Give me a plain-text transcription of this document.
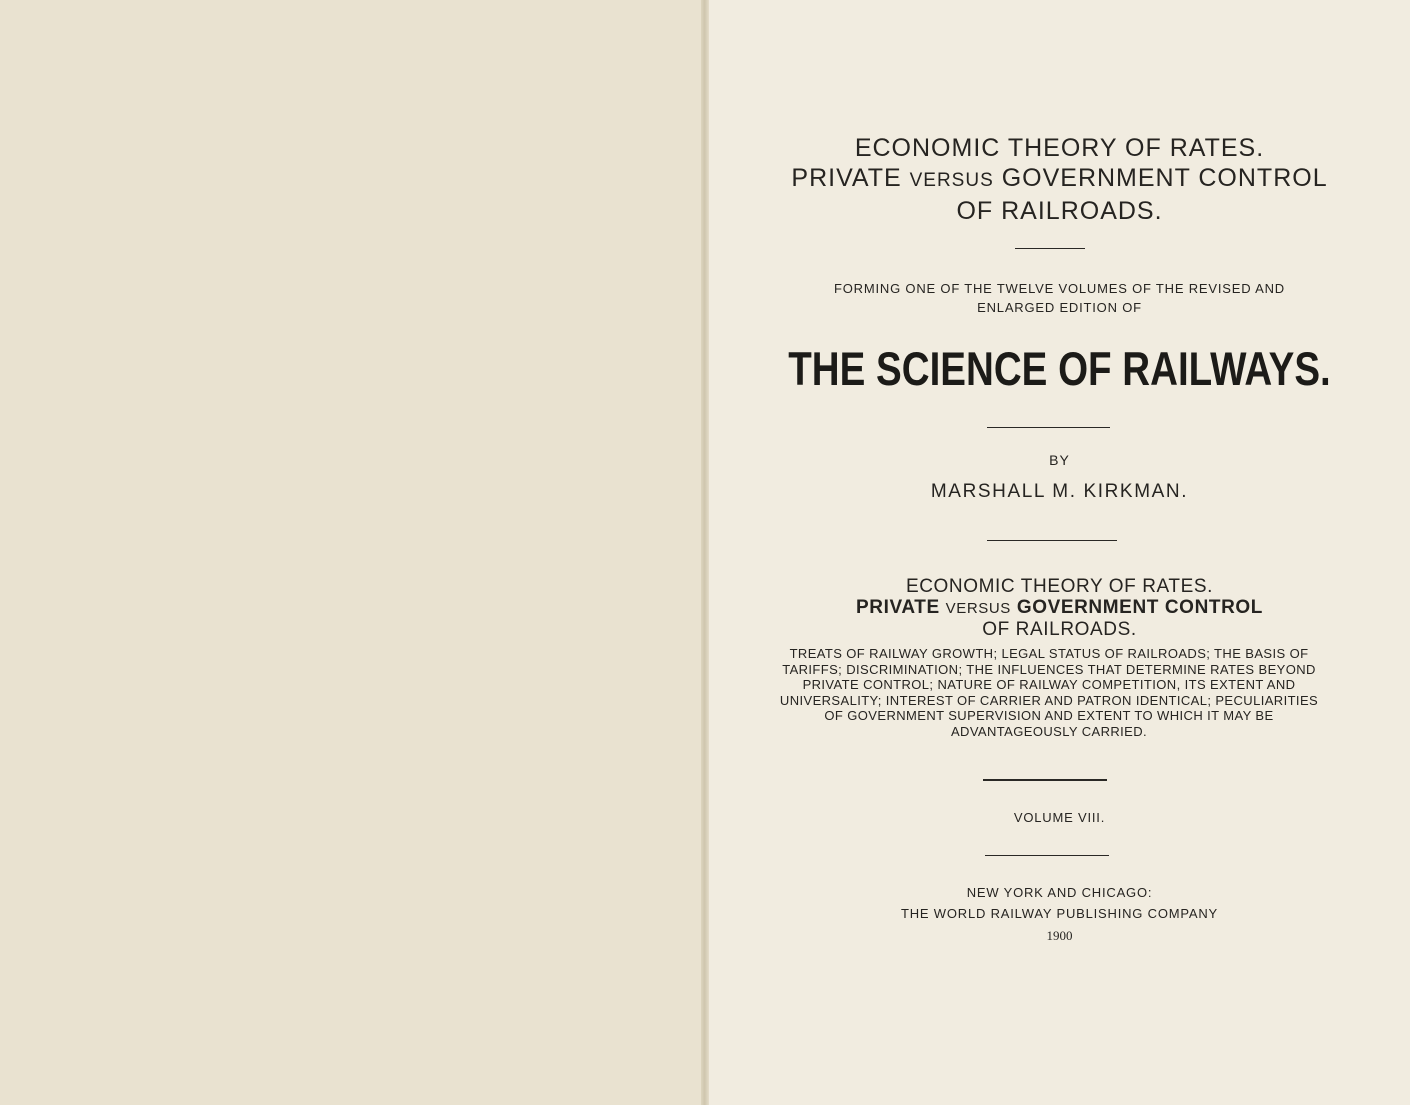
ECONOMIC THEORY OF RATES.
PRIVATE VERSUS GOVERNMENT CONTROL
OF RAILROADS.
FORMING ONE OF THE TWELVE VOLUMES OF THE REVISED AND
ENLARGED EDITION OF
THE SCIENCE OF RAILWAYS.
BY
MARSHALL M. KIRKMAN.
ECONOMIC THEORY OF RATES.
PRIVATE VERSUS GOVERNMENT CONTROL
OF RAILROADS.
TREATS OF RAILWAY GROWTH; LEGAL STATUS OF RAILROADS; THE BASIS OF TARIFFS; DISCRIMINATION; THE INFLUENCES THAT DETERMINE RATES BEYOND PRIVATE CONTROL; NATURE OF RAILWAY COMPETITION, ITS EXTENT AND UNIVERSALITY; INTEREST OF CARRIER AND PATRON IDENTICAL; PECULIARITIES OF GOVERNMENT SUPERVISION AND EXTENT TO WHICH IT MAY BE ADVANTAGEOUSLY CARRIED.
VOLUME VIII.
NEW YORK AND CHICAGO:
THE WORLD RAILWAY PUBLISHING COMPANY
1900
